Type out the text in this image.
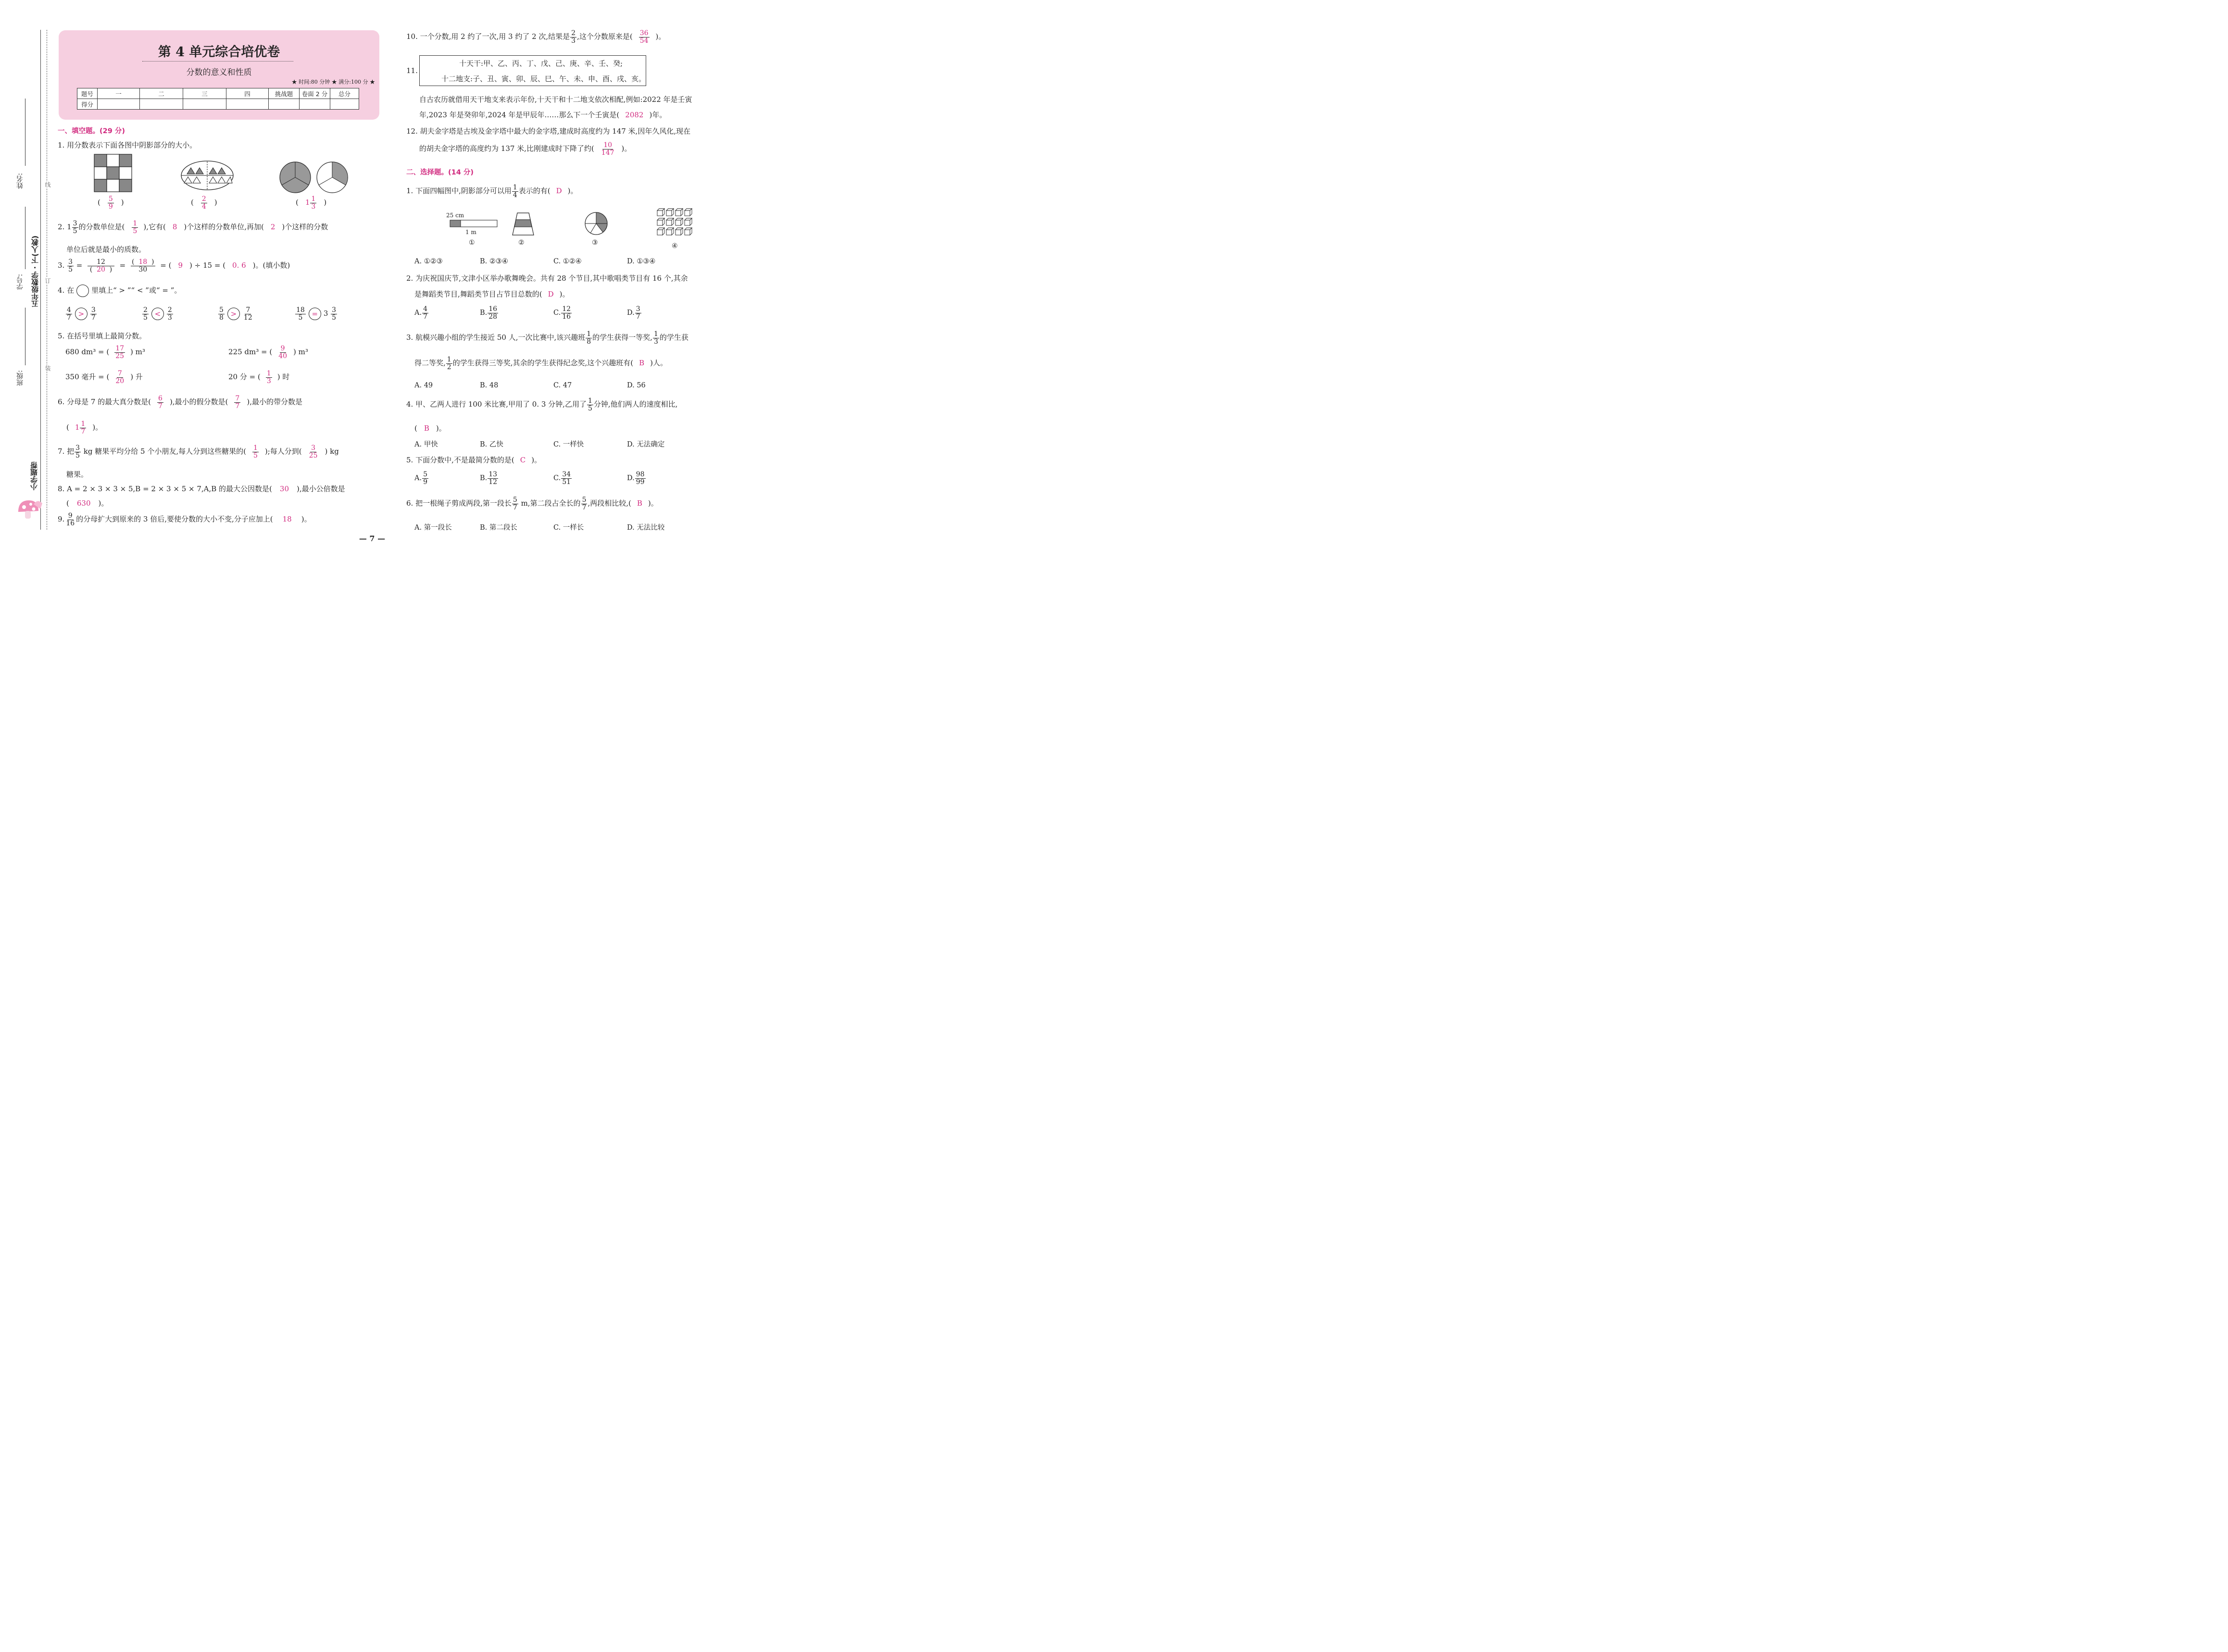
线
订
装
姓名:
学号:
班级:
五年级数学 · 下(人教)
小学题帮
第 4 单元综合培优卷
分数的意义和性质
★ 时间:80 分钟 ★ 满分:100 分 ★
题号	一	二	三	四	挑战题	卷面 2 分	总分
得分							
一、填空题。(29 分)
1. 用分数表示下面各图中阴影部分的大小。
( $\frac{5}{9}$ )	( $\frac{2}{4}$ )	( $1 \frac{1}{3}$ )
2. $1 \frac{3}{5}$ 的分数单位是( $\frac{1}{5}$ ),它有( 8 )个这样的分数单位,再加( 2 )个这样的分数
单位后就是最小的质数。
3. $\frac{3}{5} = \frac{12}{( 20 )} = \frac{( 18 )}{30}$ = ( 9 ) ÷ 15 = ( 0. 6 )。(填小数)
4. 在 里填上“ > ”“ < ”或“ = ”。
$\frac{4}{7} > \frac{3}{7}$	$\frac{2}{5} < \frac{2}{3}$	$\frac{5}{8} > \frac{7}{12}$	$\frac{18}{5} = 3 \frac{3}{5}$
5. 在括号里填上最简分数。
680 dm³ = ( $\frac{17}{25}$ ) m³	225 dm³ = ( $\frac{9}{40}$ ) m³
350 毫升 = ( $\frac{7}{20}$ ) 升	20 分 = ( $\frac{1}{3}$ ) 时
6. 分母是 7 的最大真分数是( $\frac{6}{7}$ ),最小的假分数是( $\frac{7}{7}$ ),最小的带分数是
( $1 \frac{1}{7}$ )。
7. 把 $\frac{3}{5}$ kg 糖果平均分给 5 个小朋友,每人分到这些糖果的( $\frac{1}{5}$ );每人分到( $\frac{3}{25}$ ) kg
糖果。
8. A = 2 × 3 × 3 × 5,B = 2 × 3 × 5 × 7,A,B 的最大公因数是( 30 ),最小公倍数是
( 630 )。
9. $\frac{9}{16}$ 的分母扩大到原来的 3 倍后,要使分数的大小不变,分子应加上( 18 )。
10. 一个分数,用 2 约了一次,用 3 约了 2 次,结果是 $\frac{2}{3}$ ,这个分数原来是( $\frac{36}{54}$ )。
11.
十天干:甲、乙、丙、丁、戊、己、庚、辛、壬、癸;
十二地支:子、丑、寅、卯、辰、巳、午、未、申、酉、戌、亥。
自古农历就借用天干地支来表示年份,十天干和十二地支依次相配,例如:2022 年是壬寅
年,2023 年是癸卯年,2024 年是甲辰年……那么下一个壬寅是( 2082 )年。
12. 胡夫金字塔是古埃及金字塔中最大的金字塔,建成时高度约为 147 米,因年久风化,现在
的胡夫金字塔的高度约为 137 米,比刚建成时下降了约( $\frac{10}{147}$ )。
二、选择题。(14 分)
1. 下面四幅图中,阴影部分可以用 $\frac{1}{4}$ 表示的有( D )。
25 cm
1 m
①	②	③	④
A. ①②③	B. ②③④	C. ①②④	D. ①③④
2. 为庆祝国庆节,文津小区举办歌舞晚会。共有 28 个节目,其中歌唱类节目有 16 个,其余
是舞蹈类节目,舞蹈类节目占节目总数的( D )。
A. $\frac{4}{7}$	B. $\frac{16}{28}$	C. $\frac{12}{16}$	D. $\frac{3}{7}$
3. 航模兴趣小组的学生接近 50 人,一次比赛中,该兴趣班 $\frac{1}{8}$ 的学生获得一等奖, $\frac{1}{3}$ 的学生获
得二等奖, $\frac{1}{2}$ 的学生获得三等奖,其余的学生获得纪念奖,这个兴趣班有( B )人。
A. 49	B. 48	C. 47	D. 56
4. 甲、乙两人进行 100 米比赛,甲用了 0. 3 分钟,乙用了 $\frac{1}{5}$ 分钟,他们两人的速度相比,
( B )。
A. 甲快	B. 乙快	C. 一样快	D. 无法确定
5. 下面分数中,不是最简分数的是( C )。
A. $\frac{5}{9}$	B. $\frac{13}{12}$	C. $\frac{34}{51}$	D. $\frac{98}{99}$
6. 把一根绳子剪成两段,第一段长 $\frac{5}{7} m$,第二段占全长的 $\frac{5}{7}$ ,两段相比较,( B )。
A. 第一段长	B. 第二段长	C. 一样长	D. 无法比较
— 7 —
